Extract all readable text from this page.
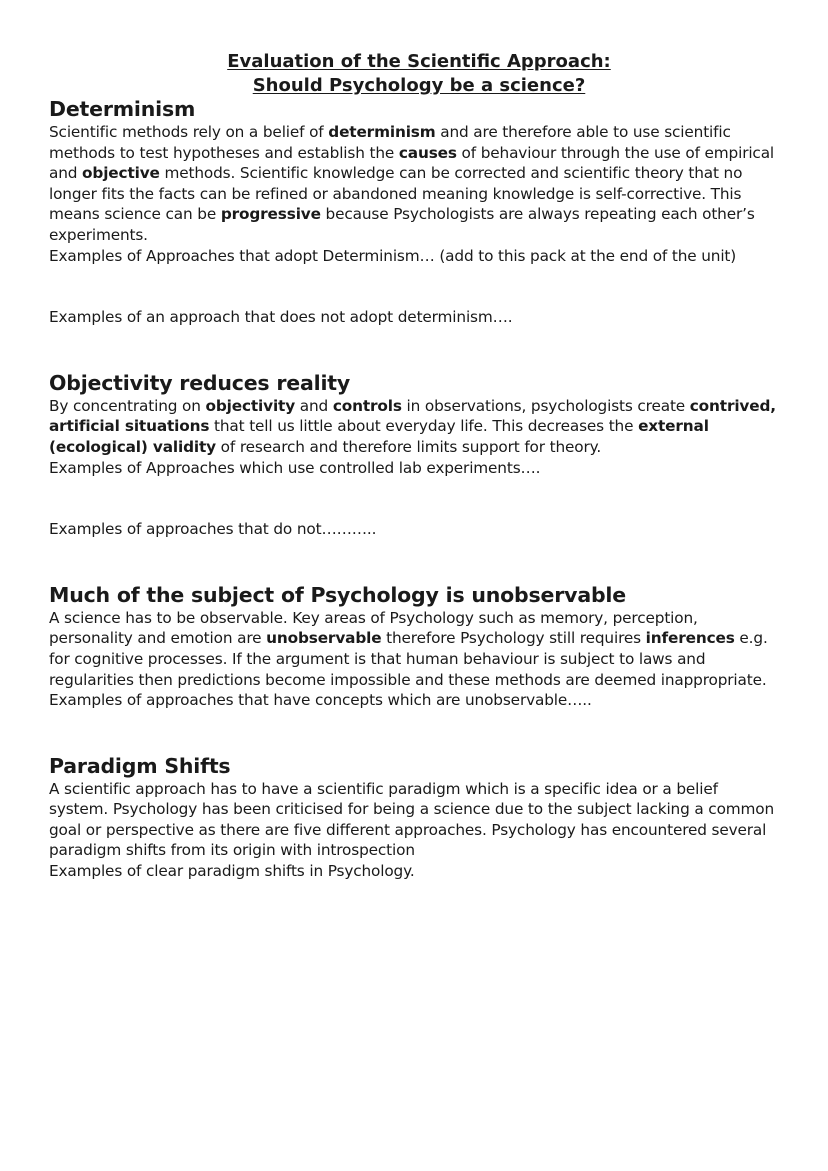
Evaluation of the Scientific Approach:
Should Psychology be a science?
Determinism

Scientific methods rely on a belief of determinism and are therefore able to use scientific methods to test hypotheses and establish the causes of behaviour through the use of empirical and objective methods. Scientific knowledge can be corrected and scientific theory that no longer fits the facts can be refined or abandoned meaning knowledge is self-corrective. This means science can be progressive because Psychologists are always repeating each other’s experiments.

Examples of Approaches that adopt Determinism… (add to this pack at the end of the unit)

Examples of an approach that does not adopt determinism….

Objectivity reduces reality

By concentrating on objectivity and controls in observations, psychologists create contrived, artificial situations that tell us little about everyday life. This decreases the external (ecological) validity of research and therefore limits support for theory.

Examples of Approaches which use controlled lab experiments….

Examples of approaches that do not………..

Much of the subject of Psychology is unobservable

A science has to be observable. Key areas of Psychology such as memory, perception, personality and emotion are unobservable therefore Psychology still requires inferences e.g. for cognitive processes. If the argument is that human behaviour is subject to laws and regularities then predictions become impossible and these methods are deemed inappropriate.

Examples of approaches that have concepts which are unobservable…..

Paradigm Shifts

A scientific approach has to have a scientific paradigm which is a specific idea or a belief system. Psychology has been criticised for being a science due to the subject lacking a common goal or perspective as there are five different approaches. Psychology has encountered several paradigm shifts from its origin with introspection

Examples of clear paradigm shifts in Psychology.
